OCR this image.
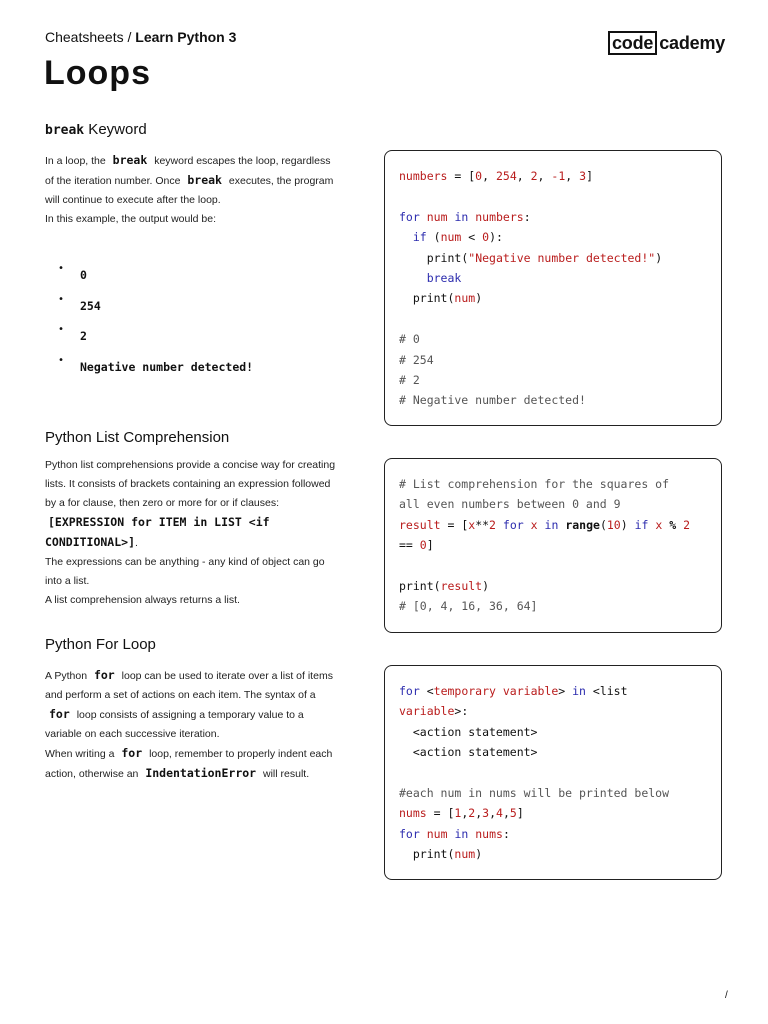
Cheatsheets / Learn Python 3	code cademy
Loops
break Keyword

In a loop, the break keyword escapes the loop, regardless of the iteration number. Once break executes, the program will continue to execute after the loop.

In this example, the output would be:

• 0
• 254
• 2
• Negative number detected!
numbers = [0, 254, 2, -1, 3]
for num in numbers:
if (num < 0):
print("Negative number detected!")
break
print(num)
# 0
# 254
# 2
# Negative number detected!
Python List Comprehension

Python list comprehensions provide a concise way for creating lists. It consists of brackets containing an expression followed by a for clause, then zero or more for or if clauses: [EXPRESSION for ITEM in LIST <if CONDITIONAL>].

The expressions can be anything - any kind of object can go into a list.

A list comprehension always returns a list.

# List comprehension for the squares of
all even numbers between 0 and 9
result = [x**2 for x in range(10) if x % 2
== 0]
print(result)
# [0, 4, 16, 36, 64]
Python For Loop

A Python for loop can be used to iterate over a list of items and perform a set of actions on each item. The syntax of a for loop consists of assigning a temporary value to a variable on each successive iteration.

When writing a for loop, remember to properly indent each action, otherwise an IndentationError will result.

for <temporary variable> in <list
variable>:
<action statement>
<action statement>
#each num in nums will be printed below
nums = [1,2,3,4,5]
for num in nums:
print(num)
/
